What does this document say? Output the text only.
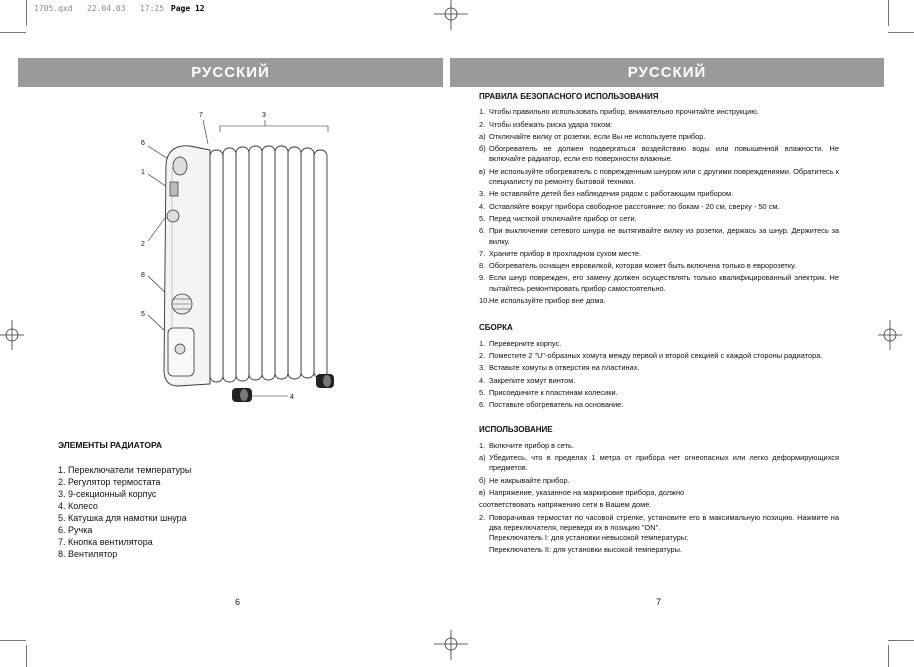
1705.qxd 22.04.03 17:25 Page 12
РУССКИЙ	РУССКИЙ
7	3
6
1
2
8
5
4
ЭЛЕМЕНТЫ РАДИАТОРА
1. Переключатели температуры
2. Регулятор термостата
3. 9-секционный корпус
4. Колесо
5. Катушка для намотки шнура
6. Ручка
7. Кнопка вентилятора
8. Вентилятор
6
ПРАВИЛА БЕЗОПАСНОГО ИСПОЛЬЗОВАНИЯ
1. Чтобы правильно использовать прибор, внимательно прочитайте инструкцию.
2. Чтобы избежать риска удара током:
а) Отключайте вилку от розетки, если Вы не используете прибор.
б) Обогреватель не должен подвергаться воздействию воды или повышенной влажности. Не включайте радиатор, если его поверхности влажные.
в) Не используйте обогреватель с поврежденным шнуром или с другими повреждениями. Обратитесь к специалисту по ремонту бытовой техники.
3. Не оставляйте детей без наблюдения рядом с работающим прибором.
4. Оставляйте вокруг прибора свободное расстояние: по бокам - 20 см, сверху - 50 см.
5. Перед чисткой отключайте прибор от сети.
6. При выключении сетевого шнура не вытягивайте вилку из розетки, держась за шнур. Держитесь за вилку.
7. Храните прибор в прохладном сухом месте.
8. Обогреватель оснащен евровилкой, которая может быть включена только в евророзетку.
9. Если шнур поврежден, его замену должен осуществлять только квалифицированный электрик. Не пытайтесь ремонтировать прибор самостоятельно.
10. Не используйте прибор вне дома.
СБОРКА
1. Переверните корпус.
2. Поместите 2 "U"-образных хомута между первой и второй секцией с каждой стороны радиатора.
3. Вставьте хомуты в отверстия на пластинах.
4. Закрепите хомут винтом.
5. Присоедините к пластинам колесики.
6. Поставьте обогреватель на основание.
ИСПОЛЬЗОВАНИЕ
1. Включите прибор в сеть.
а) Убедитесь, что в пределах 1 метра от прибора нет огнеопасных или легко деформирующихся предметов.
б) Не накрывайте прибор.
в) Напряжение, указанное на маркировке прибора, должно

соответствовать напряжению сети в Вашем доме.

2. Поворачивая термостат по часовой стрелке, установите его в максимальную позицию. Нажмите на два переключателя, переведя их в позицию "ON".

Переключатель I: для установки невысокой температуры;

Переключатель II: для установки высокой температуры.

7
